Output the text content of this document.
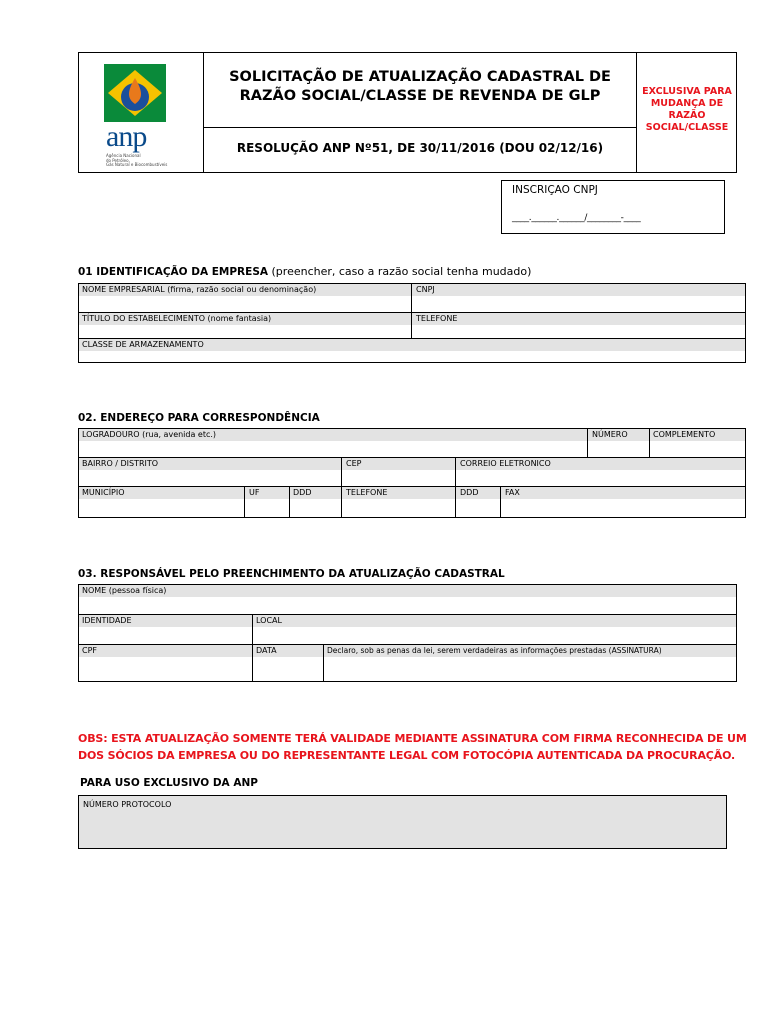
anp
Agência Nacional
do Petróleo,
Gás Natural e Biocombustíveis
SOLICITAÇÃO DE ATUALIZAÇÃO CADASTRAL DE
RAZÃO SOCIAL/CLASSE DE REVENDA DE GLP
RESOLUÇÃO ANP Nº51, DE 30/11/2016 (DOU 02/12/16)
EXCLUSIVA PARA
MUDANÇA DE
RAZÃO
SOCIAL/CLASSE
INSCRIÇAO CNPJ
____.______.______/________-____
01 IDENTIFICAÇÃO DA EMPRESA (preencher, caso a razão social tenha mudado)
NOME EMPRESARIAL (firma, razão social ou denominação)	CNPJ
TÍTULO DO ESTABELECIMENTO (nome fantasia)	TELEFONE
CLASSE DE ARMAZENAMENTO
02. ENDEREÇO PARA CORRESPONDÊNCIA
LOGRADOURO (rua, avenida etc.)	NÚMERO	COMPLEMENTO
BAIRRO / DISTRITO	CEP	CORREIO ELETRONICO
MUNICÍPIO	UF	DDD	TELEFONE	DDD	FAX
03. RESPONSÁVEL PELO PREENCHIMENTO DA ATUALIZAÇÃO CADASTRAL
NOME (pessoa física)
IDENTIDADE	LOCAL
CPF	DATA	Declaro, sob as penas da lei, serem verdadeiras as informações prestadas (ASSINATURA)
OBS: ESTA ATUALIZAÇÃO SOMENTE TERÁ VALIDADE MEDIANTE ASSINATURA COM FIRMA RECONHECIDA DE UM
DOS SÓCIOS DA EMPRESA OU DO REPRESENTANTE LEGAL COM FOTOCÓPIA AUTENTICADA DA PROCURAÇÃO.
PARA USO EXCLUSIVO DA ANP
NÚMERO PROTOCOLO
